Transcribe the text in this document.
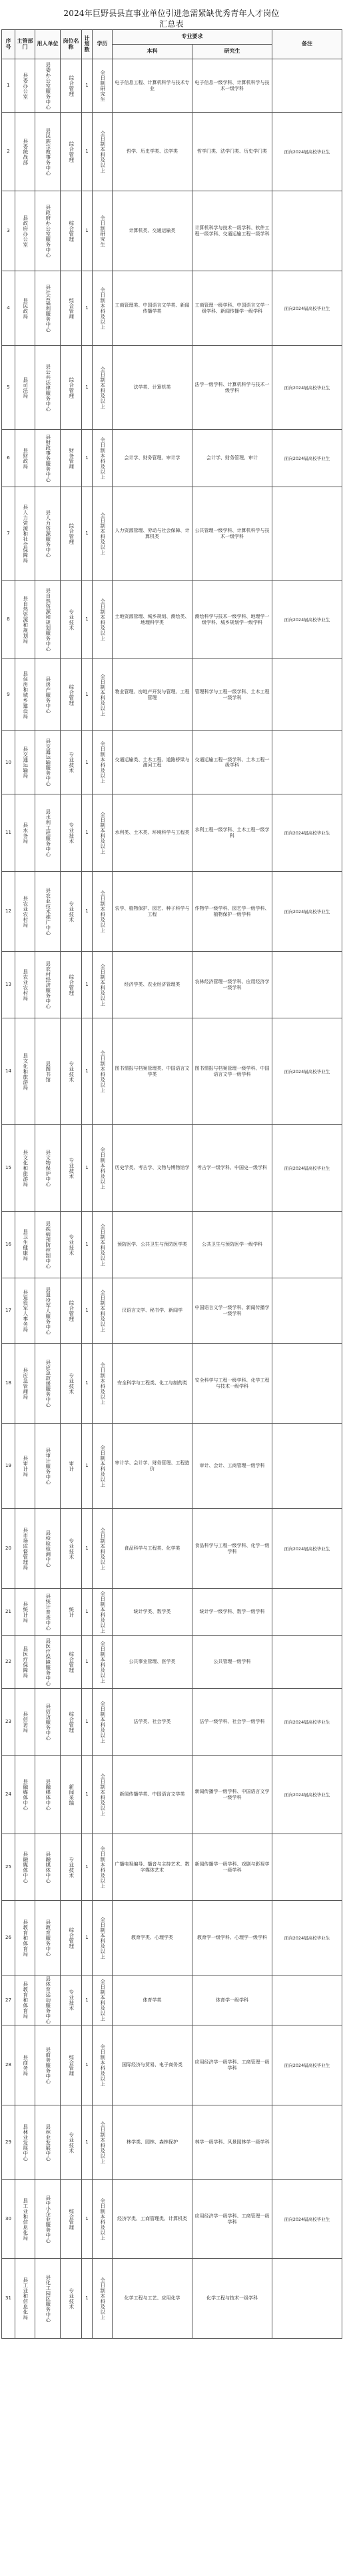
2024年巨野县县直事业单位引进急需紧缺优秀青年人才岗位
汇总表
序号	主管部门	用人单位	岗位名称	计划数	学历	专业要求		备注
						本科	研究生	
1	县委办公室	县委办公室服务中心	综合管理	1	全日制研究生	电子信息工程、计算机科学与技术专业	电子信息一级学科、计算机科学与技术一级学科	
2	县委统战部	县民族宗教事务中心	综合管理	1	全日制本科及以上	哲学、历史学类、法学类	哲学门类、法学门类、历史学门类	面向2024届高校毕业生
3	县政府办公室	县政府办公室服务中心	综合管理	1	全日制研究生	计算机类、交通运输类	计算机科学与技术一级学科、软件工程一级学科、交通运输工程一级学科	
4	县民政局	县社会福利服务中心	综合管理	1	全日制本科及以上	工商管理类、中国语言文学类、新闻传播学类	工商管理一级学科、中国语言文学一级学科、新闻传播学一级学科	面向2024届高校毕业生
5	县司法局	县公共法律服务中心	综合管理	1	全日制本科及以上	法学类、计算机类	法学一级学科、计算机科学与技术一级学科	面向2024届高校毕业生
6	县财政局	县财政事务服务中心	财务管理	1	全日制本科及以上	会计学、财务管理、审计学	会计学、财务管理、审计	面向2024届高校毕业生
7	县人力资源和社会保障局	县人力资源服务中心	综合管理	1	全日制本科及以上	人力资源管理、劳动与社会保障、计算机类	公共管理一级学科、计算机科学与技术一级学科	
8	县自然资源和规划局	县自然资源和规划服务中心	专业技术	1	全日制本科及以上	土地资源管理、城乡规划、测绘类、地理科学类	测绘科学与技术一级学科、地理学一级学科、城乡规划学一级学科	面向2024届高校毕业生
9	县住房和城乡建设局	县房产服务中心	综合管理	1	全日制本科及以上	物业管理、房地产开发与管理、工程管理	管理科学与工程一级学科、土木工程一级学科	
10	县交通运输局	县交通运输服务中心	专业技术	1	全日制本科及以上	交通运输类、土木工程、道路桥梁与渡河工程	交通运输工程一级学科、土木工程一级学科	
11	县水务局	县水利工程服务中心	专业技术	1	全日制本科及以上	水利类、土木类、环境科学与工程类	水利工程一级学科、土木工程一级学科	面向2024届高校毕业生
12	县农业农村局	县农业技术推广中心	专业技术	1	全日制本科及以上	农学、植物保护、园艺、种子科学与工程	作物学一级学科、园艺学一级学科、植物保护一级学科	面向2024届高校毕业生
13	县农业农村局	县农村经济服务中心	综合管理	1	全日制本科及以上	经济学类、农业经济管理类	农林经济管理一级学科、应用经济学一级学科	
14	县文化和旅游局	县图书馆	专业技术	1	全日制本科及以上	图书情报与档案管理类、中国语言文学类	图书情报与档案管理一级学科、中国语言文学一级学科	面向2024届高校毕业生
15	县文化和旅游局	县文物保护中心	专业技术	1	全日制本科及以上	历史学类、考古学、文物与博物馆学	考古学一级学科、中国史一级学科	面向2024届高校毕业生
16	县卫生健康局	县疾病预防控制中心	专业技术	1	全日制本科及以上	预防医学、公共卫生与预防医学类	公共卫生与预防医学一级学科	
17	县退役军人事务局	县退役军人服务中心	综合管理	1	全日制本科及以上	汉语言文学、秘书学、新闻学	中国语言文学一级学科、新闻传播学一级学科	
18	县应急管理局	县应急救援服务中心	专业技术	1	全日制本科及以上	安全科学与工程类、化工与制药类	安全科学与工程一级学科、化学工程与技术一级学科	
19	县审计局	县审计服务中心	审计	1	全日制本科及以上	审计学、会计学、财务管理、工程造价	审计、会计、工商管理一级学科	
20	县市场监督管理局	县检验检测中心	专业技术	1	全日制本科及以上	食品科学与工程类、化学类	食品科学与工程一级学科、化学一级学科	面向2024届高校毕业生
21	县统计局	县统计普查中心	统计	1	全日制本科及以上	统计学类、数学类	统计学一级学科、数学一级学科	
22	县医疗保障局	县医疗保障服务中心	综合管理	1	全日制本科及以上	公共事业管理、医学类	公共管理一级学科	
23	县信访局	县信访服务中心	综合管理	1	全日制本科及以上	法学类、社会学类	法学一级学科、社会学一级学科	面向2024届高校毕业生
24	县融媒体中心	县融媒体中心	新闻采编	1	全日制本科及以上	新闻传播学类、中国语言文学类	新闻传播学一级学科、中国语言文学一级学科	面向2024届高校毕业生
25	县融媒体中心	县融媒体中心	专业技术	1	全日制本科及以上	广播电视编导、播音与主持艺术、数字媒体艺术	新闻传播学一级学科、戏剧与影视学一级学科	
26	县教育和体育局	县教育服务中心	综合管理	1	全日制本科及以上	教育学类、心理学类	教育学一级学科、心理学一级学科	面向2024届高校毕业生
27	县教育和体育局	县体育运动服务中心	专业技术	1	全日制本科及以上	体育学类	体育学一级学科	
28	县商务局	县商务服务中心	综合管理	1	全日制本科及以上	国际经济与贸易、电子商务类	应用经济学一级学科、工商管理一级学科	面向2024届高校毕业生
29	县林业发展中心	县林业发展中心	专业技术	1	全日制本科及以上	林学类、园林、森林保护	林学一级学科、风景园林学一级学科	
30	县工业和信息化局	县中小企业服务中心	综合管理	1	全日制本科及以上	经济学类、工商管理类、计算机类	应用经济学一级学科、工商管理一级学科	面向2024届高校毕业生
31	县工业和信息化局	县化工园区服务中心	专业技术	1	全日制本科及以上	化学工程与工艺、应用化学	化学工程与技术一级学科	
